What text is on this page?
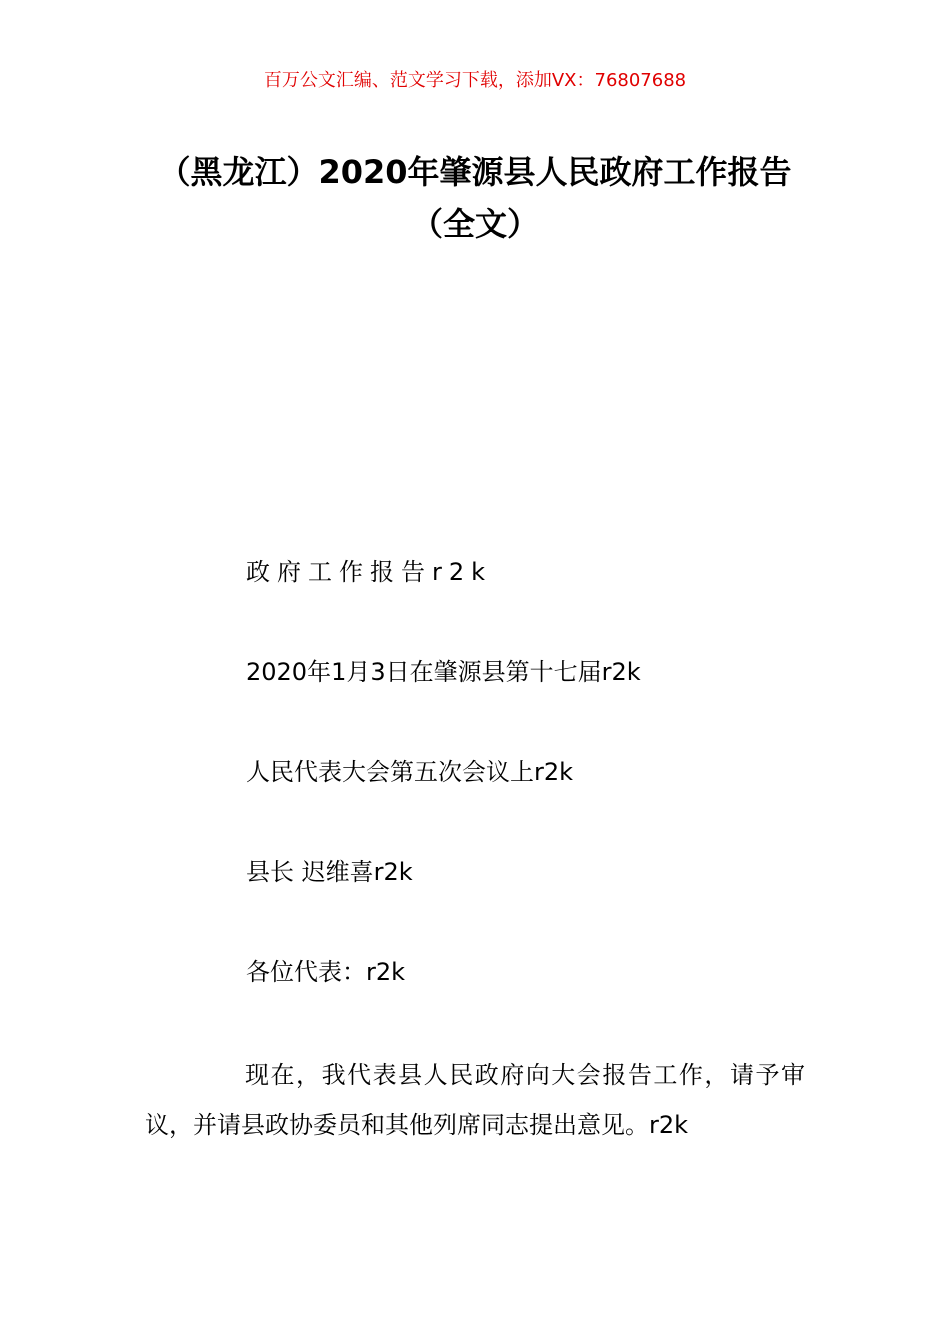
百万公文汇编、范文学习下载，添加VX：76807688
（黑龙江）2020年肇源县人民政府工作报告（全文）

政府工作报告r2k

2020年1月3日在肇源县第十七届r2k

人民代表大会第五次会议上r2k

县长 迟维喜r2k

各位代表：r2k

现在，我代表县人民政府向大会报告工作，请予审议，并请县政协委员和其他列席同志提出意见。r2k
